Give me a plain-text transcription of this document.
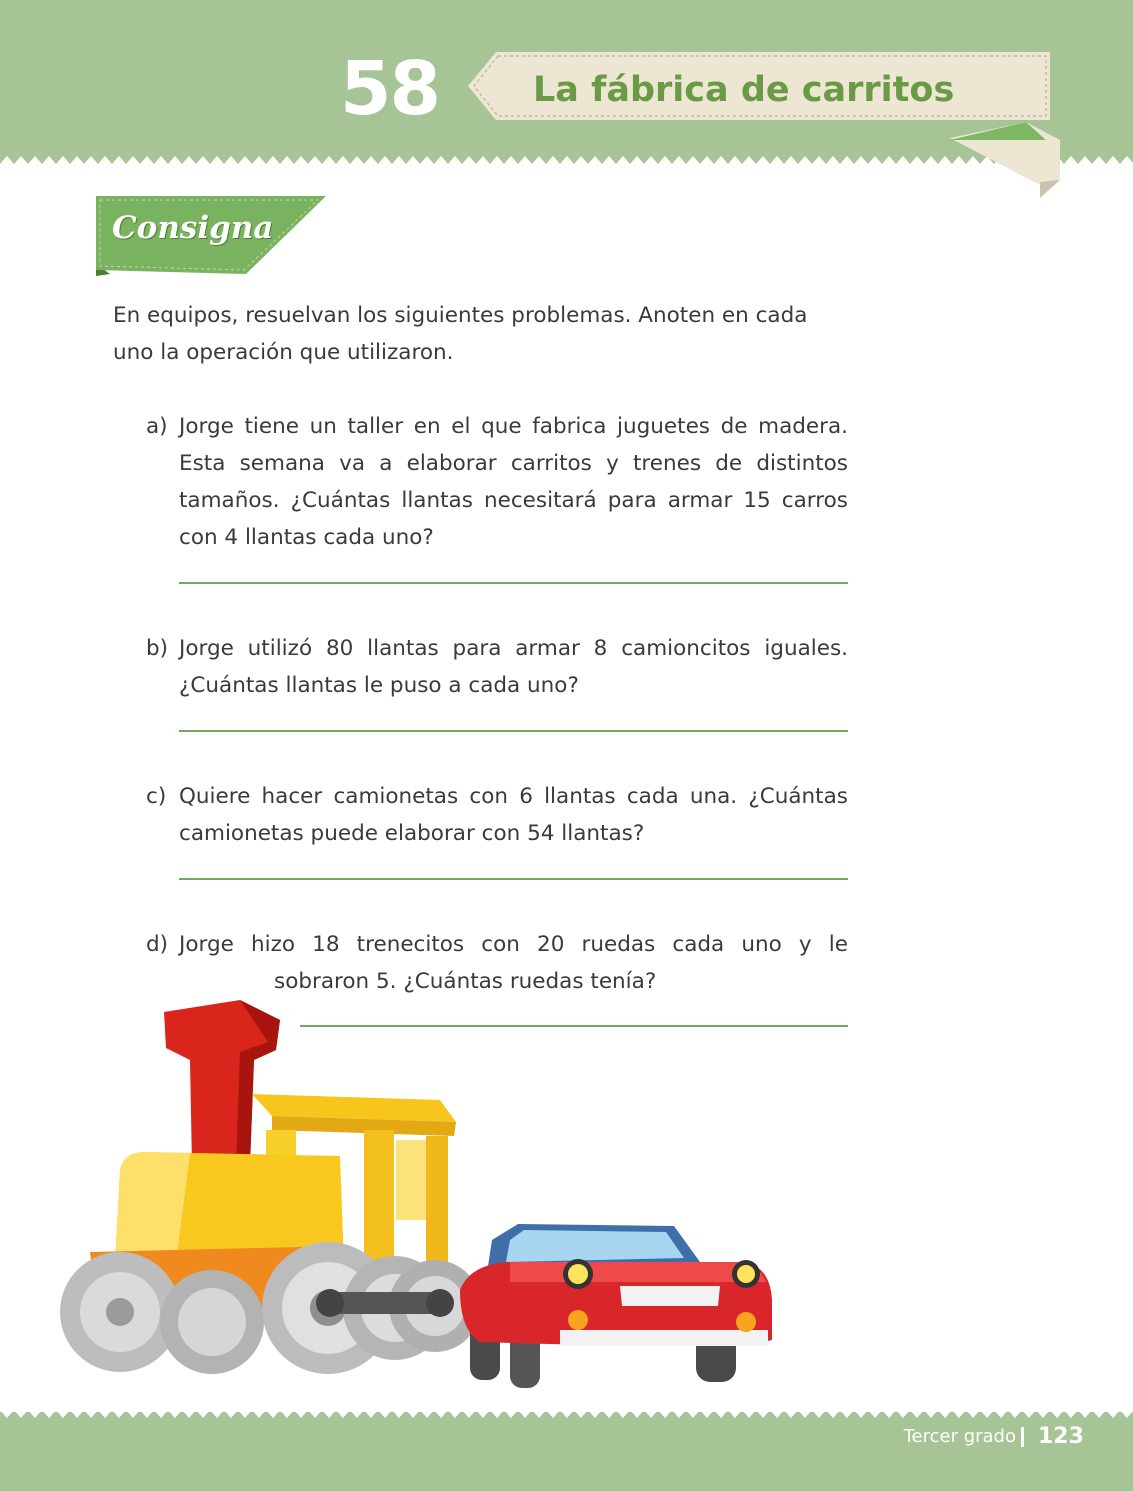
58	La fábrica de carritos
Consigna
En equipos, resuelvan los siguientes problemas. Anoten en cada uno la operación que utilizaron.
a) Jorge tiene un taller en el que fabrica juguetes de madera. Esta semana va a elaborar carritos y trenes de distintos tamaños. ¿Cuántas llantas necesitará para armar 15 carros con 4 llantas cada uno?
b) Jorge utilizó 80 llantas para armar 8 camioncitos iguales. ¿Cuántas llantas le puso a cada uno?
c) Quiere hacer camionetas con 6 llantas cada una. ¿Cuántas camionetas puede elaborar con 54 llantas?
d) Jorge hizo 18 trenecitos con 20 ruedas cada uno y le
sobraron 5. ¿Cuántas ruedas tenía?
Tercer grado 123
